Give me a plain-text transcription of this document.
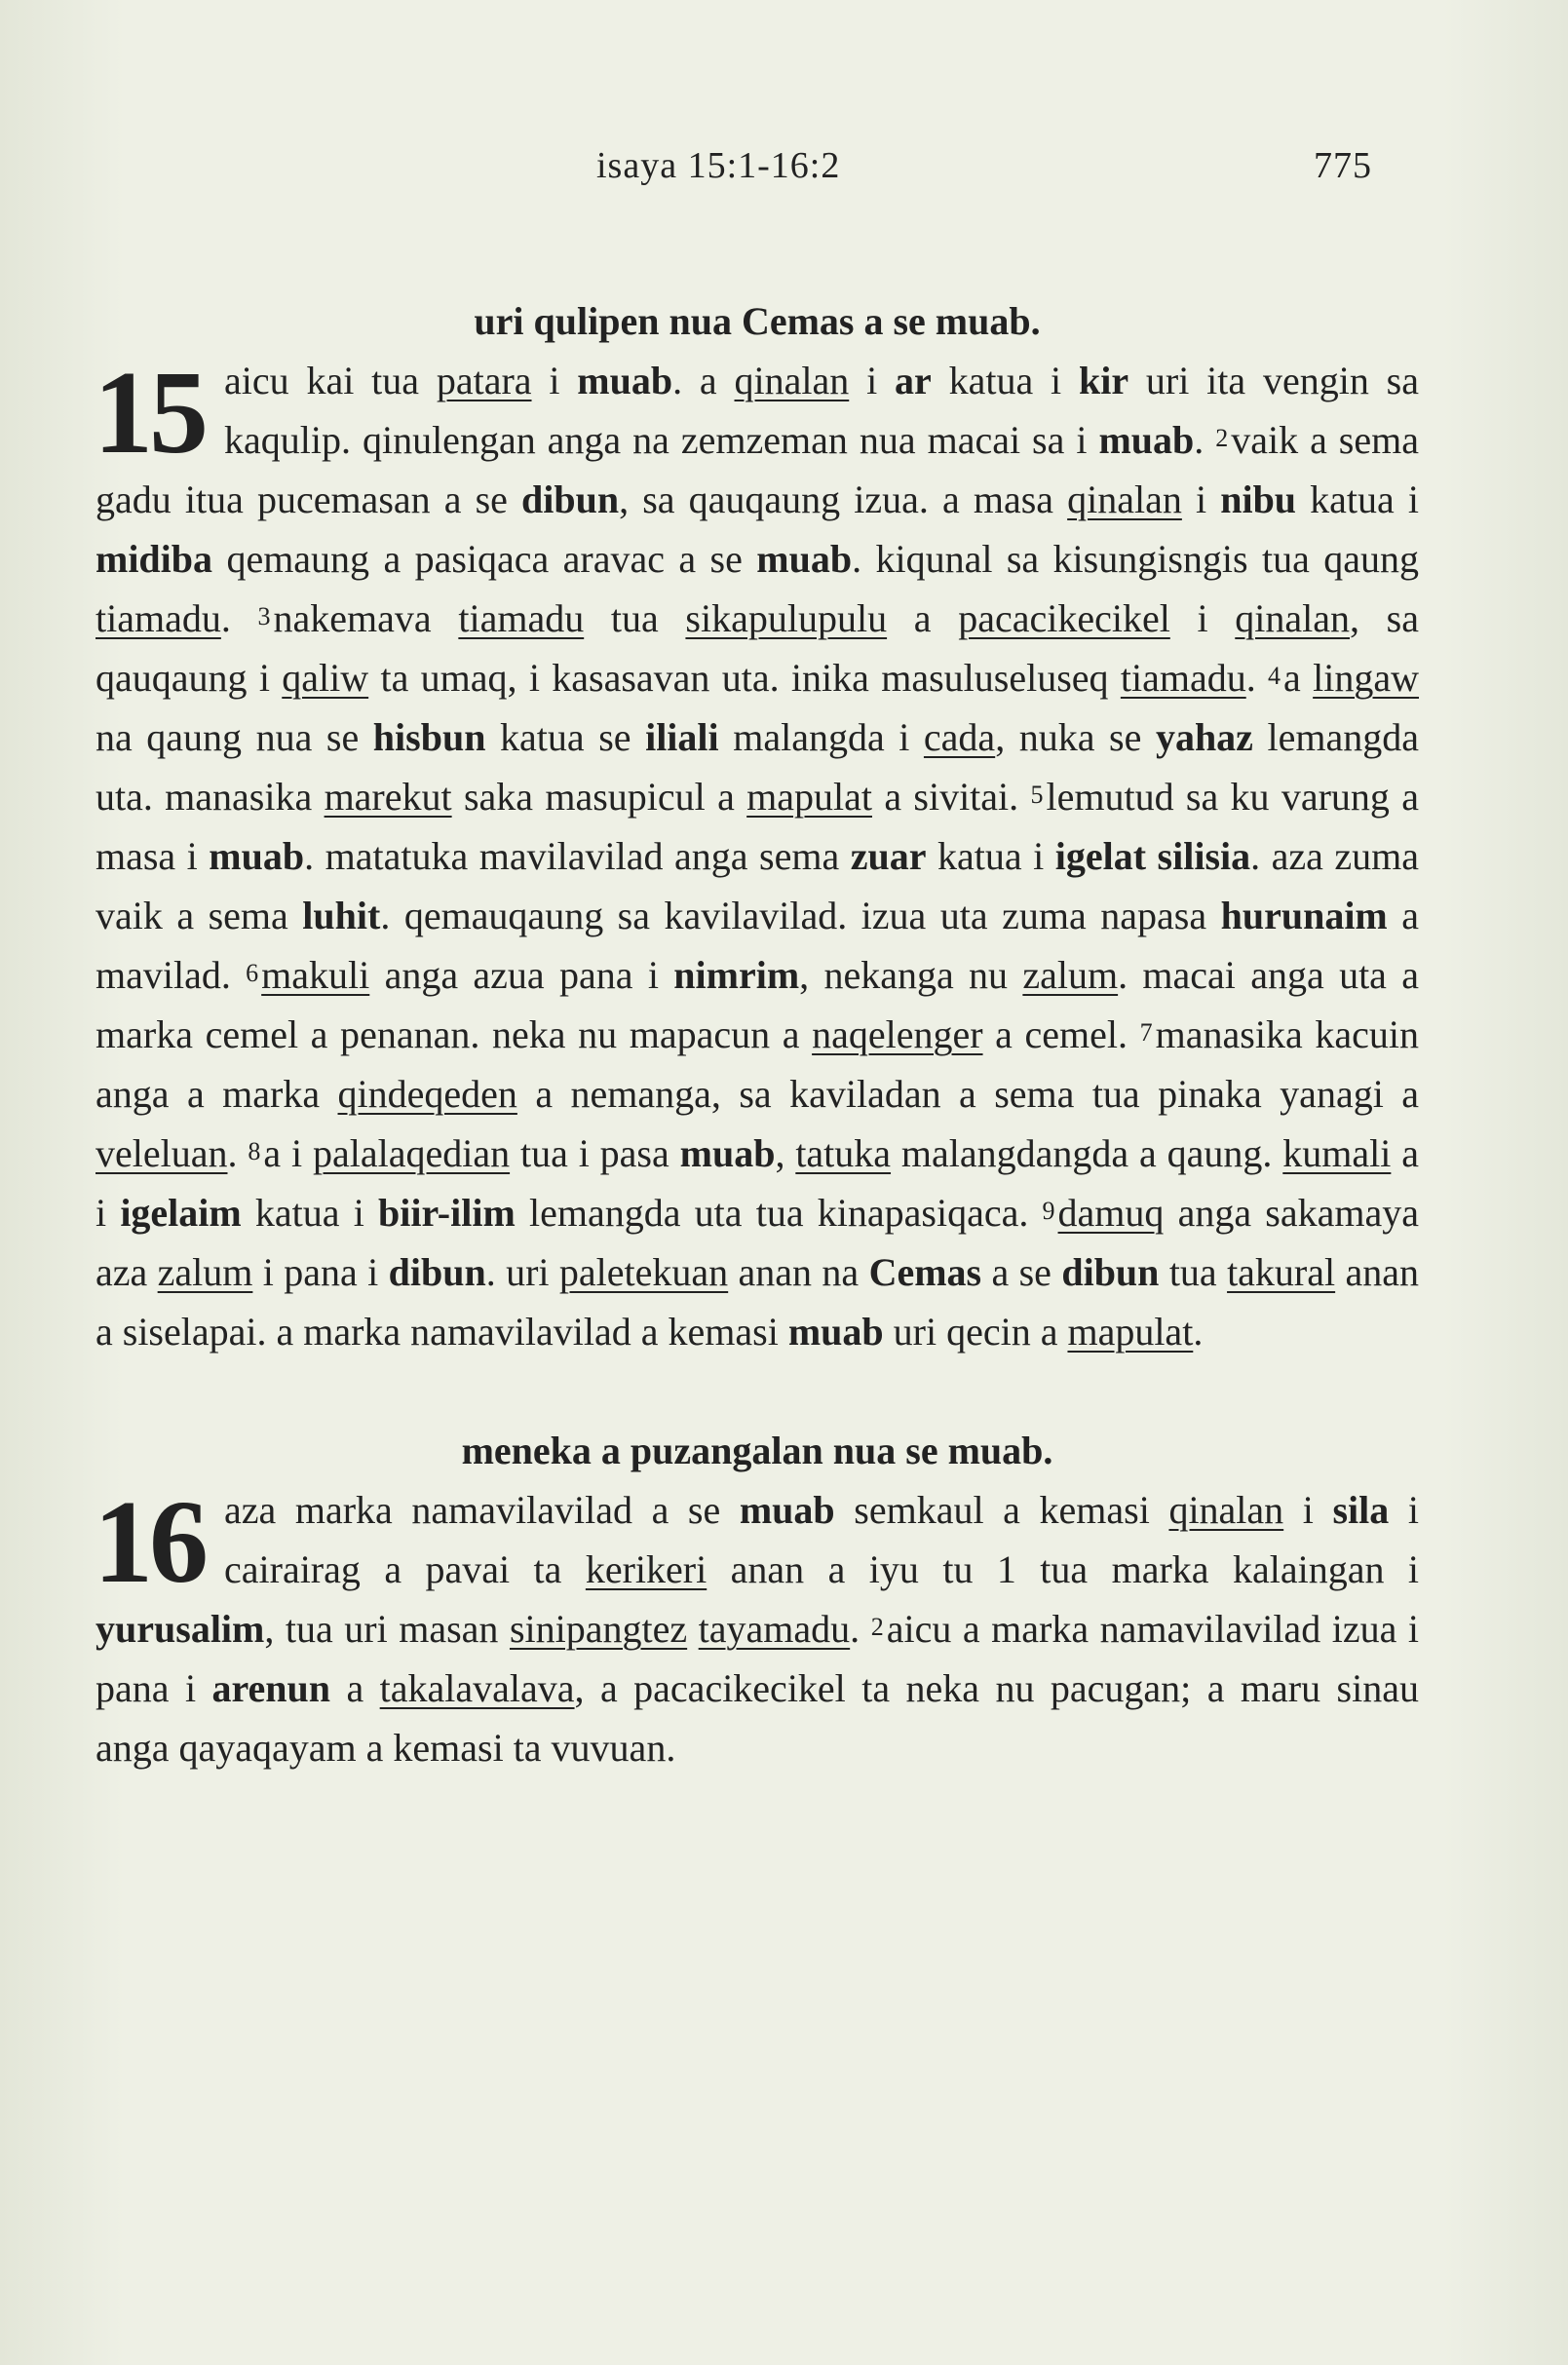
isaya 15:1-16:2	775
uri qulipen nua Cemas a se muab.

15 aicu kai tua patara i muab. a qinalan i ar katua i kir uri ita vengin sa kaqulip. qinulengan anga na zemzeman nua macai sa i muab. $^2$vaik a sema gadu itua pucemasan a se dibun, sa qauqaung izua. a masa qinalan i nibu katua i midiba qemaung a pasiqaca aravac a se muab. kiqunal sa kisungisngis tua qaung tiamadu. $^3$nakemava tiamadu tua sikapulupulu a pacacikecikel i qinalan, sa qauqaung i qaliw ta umaq, i kasasavan uta. inika masuluseluseq tiamadu. $^4$a lingaw na qaung nua se hisbun katua se iliali malangda i cada, nuka se yahaz lemangda uta. manasika marekut saka masupicul a mapulat a sivitai. $^5$lemutud sa ku varung a masa i muab. matatuka mavilavilad anga sema zuar katua i igelat silisia. aza zuma vaik a sema luhit. qemauqaung sa kavilavilad. izua uta zuma napasa hurunaim a mavilad. $^6$makuli anga azua pana i nimrim, nekanga nu zalum. macai anga uta a marka cemel a penanan. neka nu mapacun a naqelenger a cemel. $^7$manasika kacuin anga a marka qindeqeden a nemanga, sa kaviladan a sema tua pinaka yanagi a veleluan. $^8$a i palalaqedian tua i pasa muab, tatuka malangdangda a qaung. kumali a i igelaim katua i biir-ilim lemangda uta tua kinapasiqaca. $^9$damuq anga sakamaya aza zalum i pana i dibun. uri paletekuan anan na Cemas a se dibun tua takural anan a siselapai. a marka namavilavilad a kemasi muab uri qecin a mapulat.

meneka a puzangalan nua se muab.

16 aza marka namavilavilad a se muab semkaul a kemasi qinalan i sila i cairairag a pavai ta kerikeri anan a iyu tu 1 tua marka kalaingan i yurusalim, tua uri masan sinipangtez tayamadu. $^2$aicu a marka namavilavilad izua i pana i arenun a takalavalava, a pacacikecikel ta neka nu pacugan; a maru sinau anga qayaqayam a kemasi ta vuvuan.
